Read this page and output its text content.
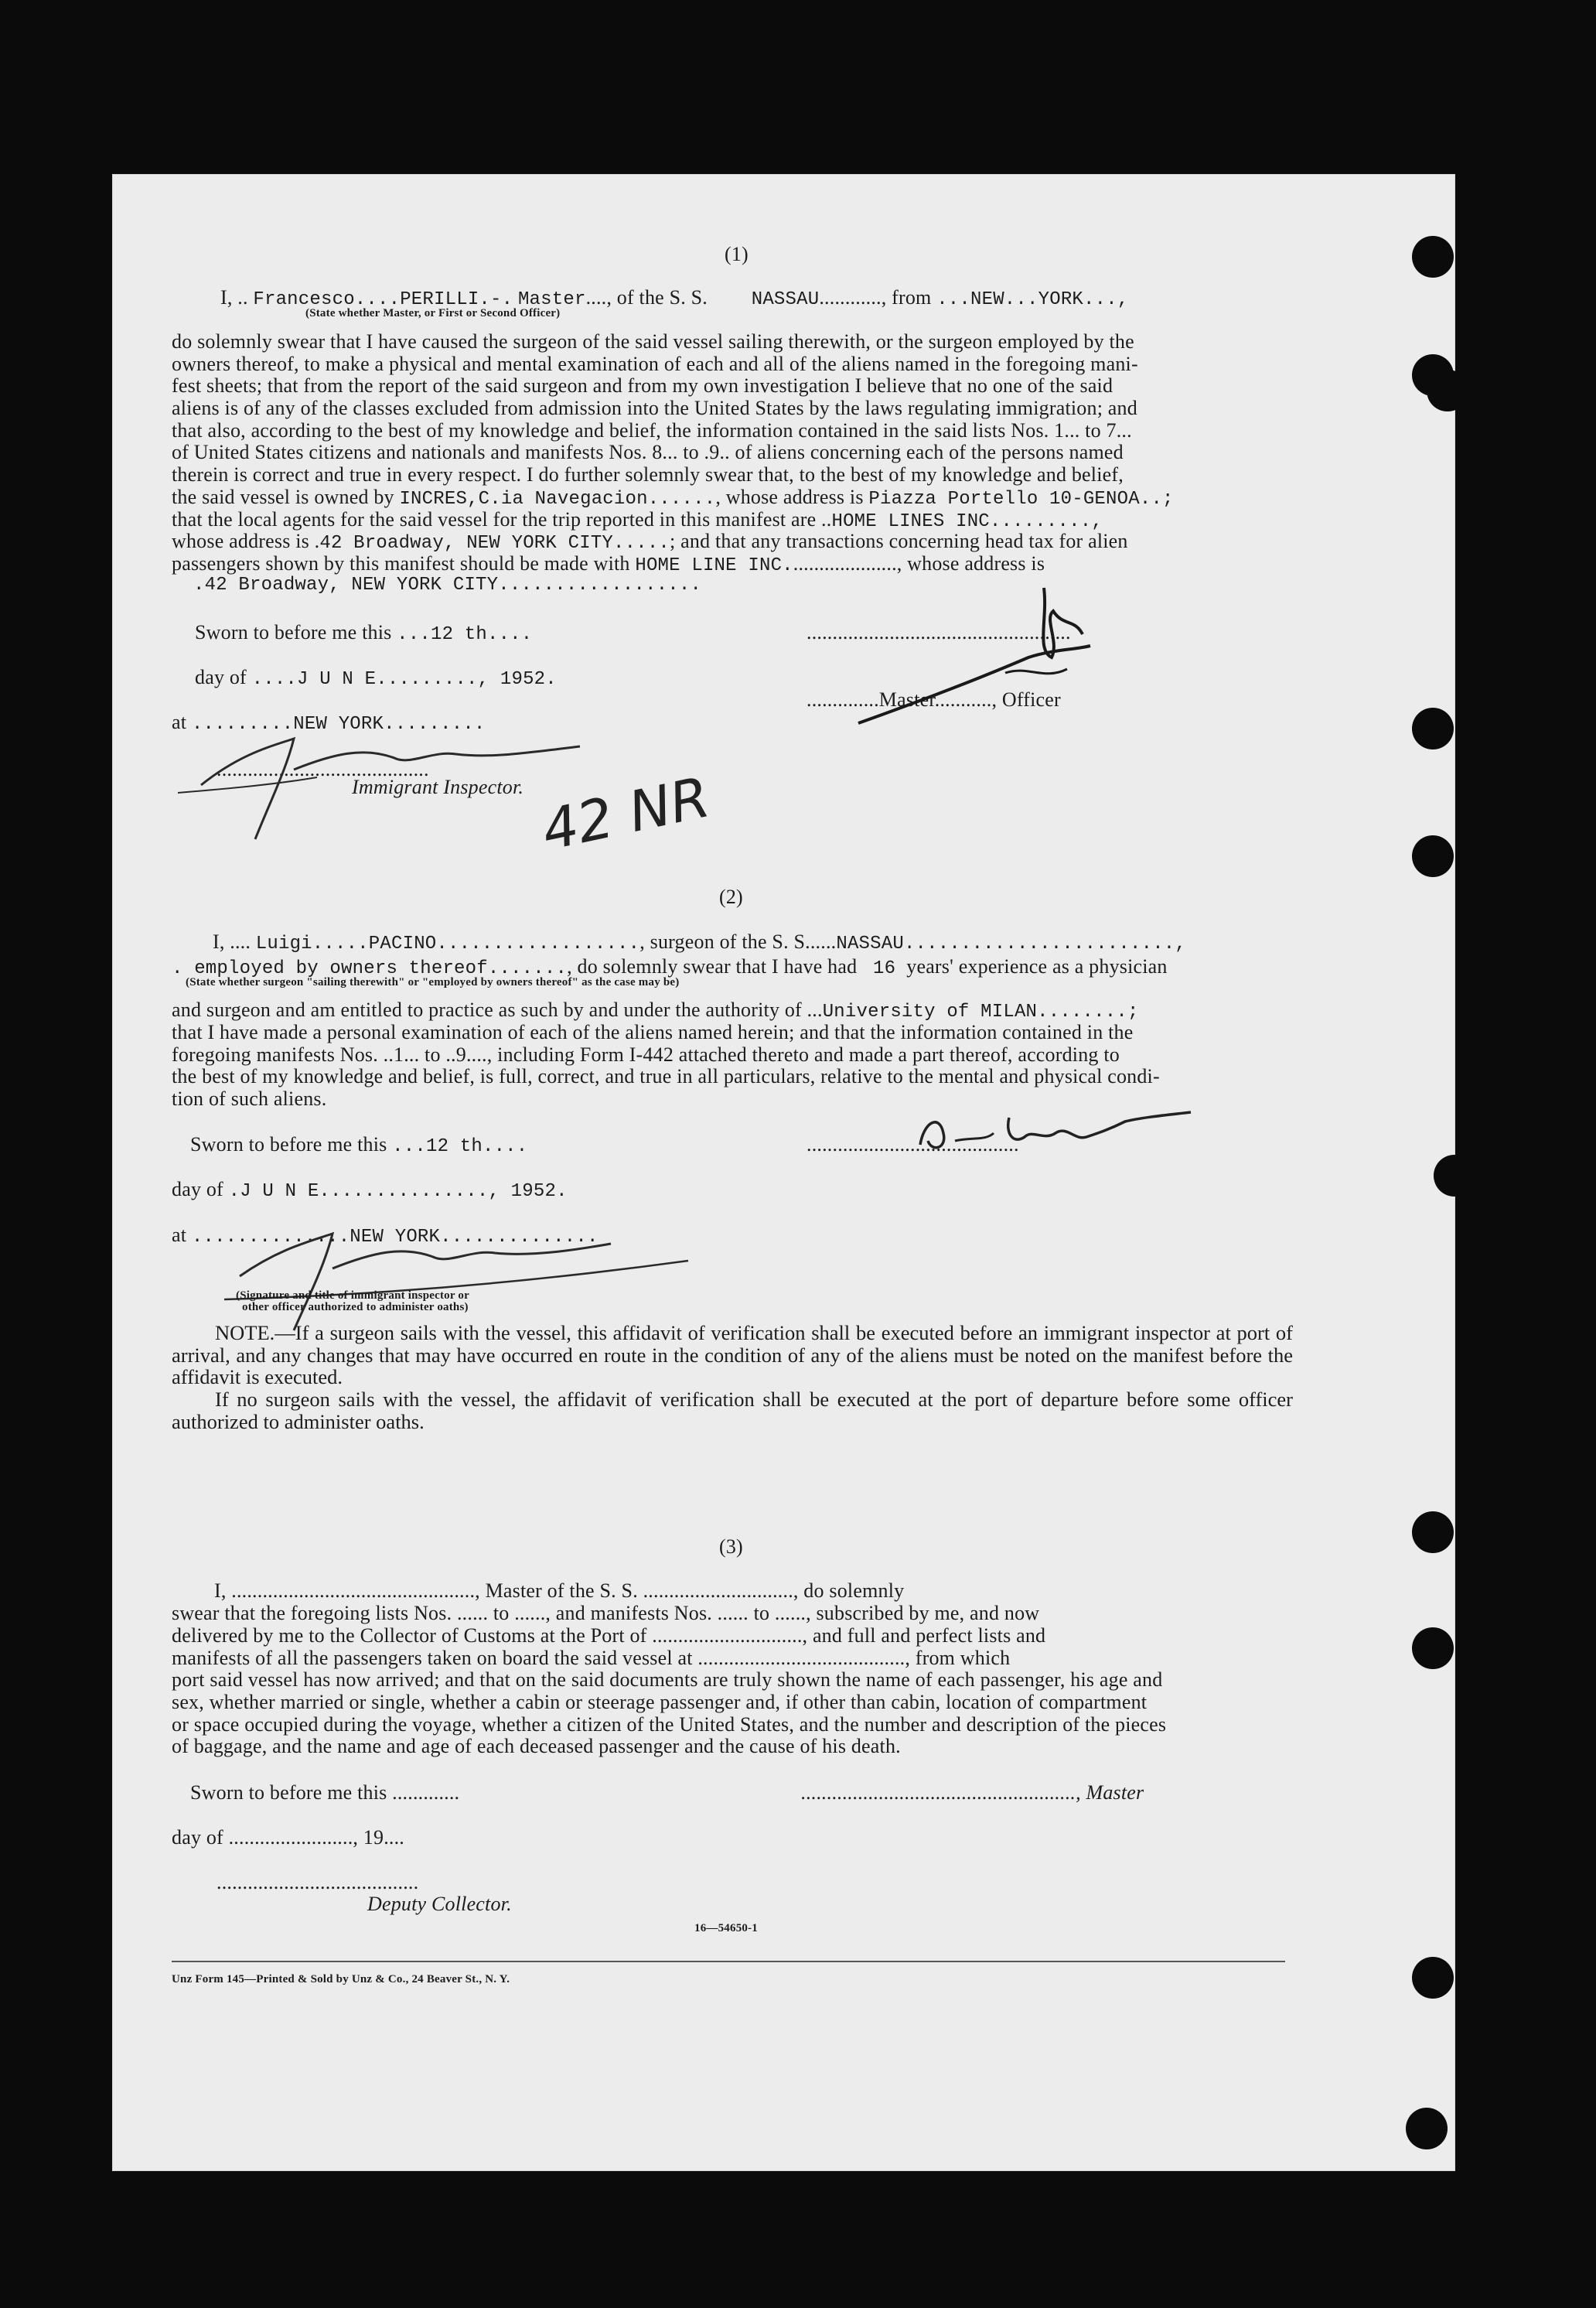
(1)
I, .. Francesco....PERILLI.-. Master...., of the S. S. NASSAU............, from ...NEW...YORK...,
(State whether Master, or First or Second Officer)
do solemnly swear that I have caused the surgeon of the said vessel sailing therewith, or the surgeon employed by the
owners thereof, to make a physical and mental examination of each and all of the aliens named in the foregoing mani-
fest sheets; that from the report of the said surgeon and from my own investigation I believe that no one of the said
aliens is of any of the classes excluded from admission into the United States by the laws regulating immigration; and
that also, according to the best of my knowledge and belief, the information contained in the said lists Nos. 1... to 7...
of United States citizens and nationals and manifests Nos. 8... to .9.. of aliens concerning each of the persons named
therein is correct and true in every respect. I do further solemnly swear that, to the best of my knowledge and belief,
the said vessel is owned by INCRES,C.ia Navegacion......, whose address is Piazza Portello 10-GENOA..;
that the local agents for the said vessel for the trip reported in this manifest are ..HOME LINES INC.........,
whose address is .42 Broadway, NEW YORK CITY.....; and that any transactions concerning head tax for alien
passengers shown by this manifest should be made with HOME LINE INC....................., whose address is
.42 Broadway, NEW YORK CITY..................
Sworn to before me this ...12 th....
day of ....J U N E........., 1952.
at .........NEW YORK.........
.........................................
Immigrant Inspector.
...................................................
..............Master..........., Officer
42 NR
(2)
I, .... Luigi.....PACINO.................., surgeon of the S. S......NASSAU........................,
. employed by owners thereof......., do solemnly swear that I have had 16 years' experience as a physician
(State whether surgeon "sailing therewith" or "employed by owners thereof" as the case may be)
and surgeon and am entitled to practice as such by and under the authority of ...University of MILAN........;
that I have made a personal examination of each of the aliens named herein; and that the information contained in the
foregoing manifests Nos. ..1... to ..9...., including Form I-442 attached thereto and made a part thereof, according to
the best of my knowledge and belief, is full, correct, and true in all particulars, relative to the mental and physical condi-
tion of such aliens.
Sworn to before me this ...12 th....
day of .J U N E..............., 1952.
at ..............NEW YORK..............
.........................................
(Signature and title of immigrant inspector or
other officer authorized to administer oaths)
NOTE.—If a surgeon sails with the vessel, this affidavit of verification shall be executed before an immigrant inspector at port of arrival, and any changes that may have occurred en route in the condition of any of the aliens must be noted on the manifest before the affidavit is executed.
If no surgeon sails with the vessel, the affidavit of verification shall be executed at the port of departure before some officer authorized to administer oaths.
(3)
I, ..............................................., Master of the S. S. ............................., do solemnly
swear that the foregoing lists Nos. ...... to ......, and manifests Nos. ...... to ......, subscribed by me, and now
delivered by me to the Collector of Customs at the Port of ............................., and full and perfect lists and
manifests of all the passengers taken on board the said vessel at ........................................, from which
port said vessel has now arrived; and that on the said documents are truly shown the name of each passenger, his age and
sex, whether married or single, whether a cabin or steerage passenger and, if other than cabin, location of compartment
or space occupied during the voyage, whether a citizen of the United States, and the number and description of the pieces
of baggage, and the name and age of each deceased passenger and the cause of his death.
Sworn to before me this .............	....................................................., Master
day of ........................, 19....
.......................................
Deputy Collector.
16—54650-1
Unz Form 145—Printed & Sold by Unz & Co., 24 Beaver St., N. Y.
